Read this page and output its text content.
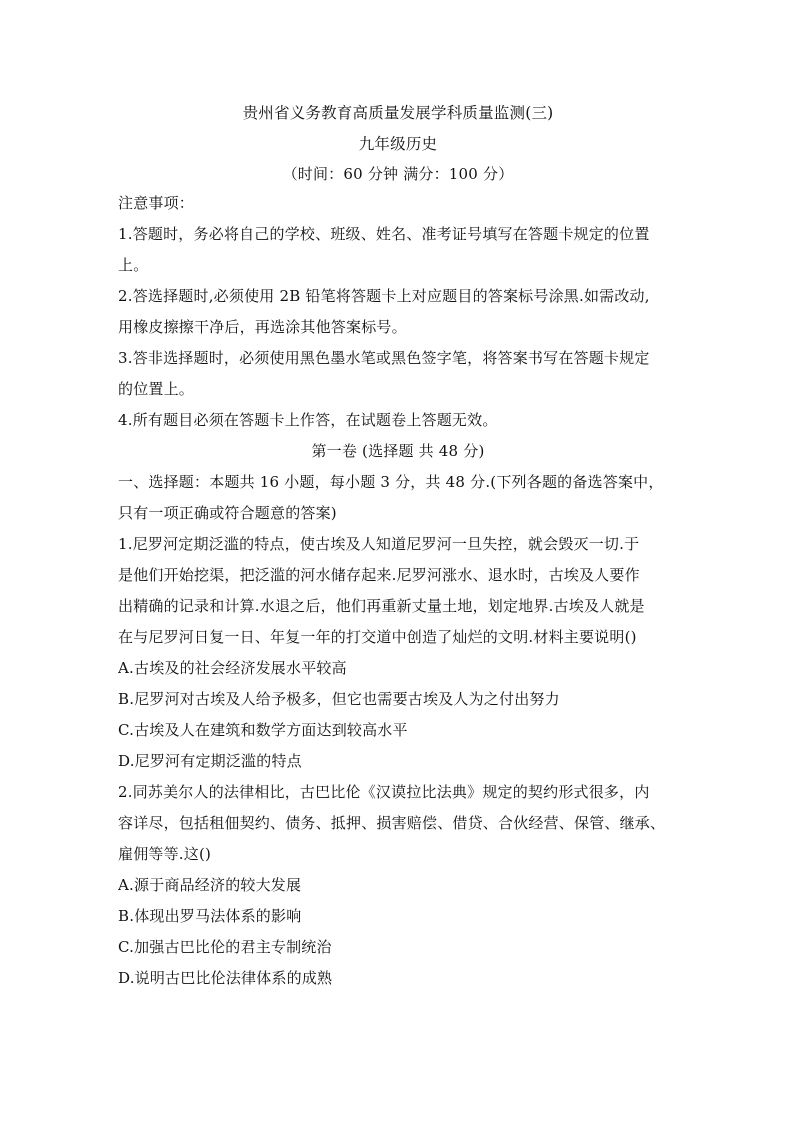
贵州省义务教育高质量发展学科质量监测(三)

九年级历史

（时间：60 分钟 满分：100 分）

注意事项：

1.答题时，务必将自己的学校、班级、姓名、准考证号填写在答题卡规定的位置

上。

2.答选择题时,必须使用 2B 铅笔将答题卡上对应题目的答案标号涂黑.如需改动,

用橡皮擦擦干净后，再选涂其他答案标号。

3.答非选择题时，必须使用黑色墨水笔或黑色签字笔，将答案书写在答题卡规定

的位置上。

4.所有题目必须在答题卡上作答，在试题卷上答题无效。

第一卷 (选择题 共 48 分)

一、选择题：本题共 16 小题，每小题 3 分，共 48 分.(下列各题的备选答案中，

只有一项正确或符合题意的答案)

1.尼罗河定期泛滥的特点，使古埃及人知道尼罗河一旦失控，就会毁灭一切.于

是他们开始挖渠，把泛滥的河水储存起来.尼罗河涨水、退水时，古埃及人要作

出精确的记录和计算.水退之后，他们再重新丈量土地，划定地界.古埃及人就是

在与尼罗河日复一日、年复一年的打交道中创造了灿烂的文明.材料主要说明()

A.古埃及的社会经济发展水平较高

B.尼罗河对古埃及人给予极多，但它也需要古埃及人为之付出努力

C.古埃及人在建筑和数学方面达到较高水平

D.尼罗河有定期泛滥的特点

2.同苏美尔人的法律相比，古巴比伦《汉谟拉比法典》规定的契约形式很多，内

容详尽，包括租佃契约、债务、抵押、损害赔偿、借贷、合伙经营、保管、继承、

雇佣等等.这()

A.源于商品经济的较大发展

B.体现出罗马法体系的影响

C.加强古巴比伦的君主专制统治

D.说明古巴比伦法律体系的成熟
